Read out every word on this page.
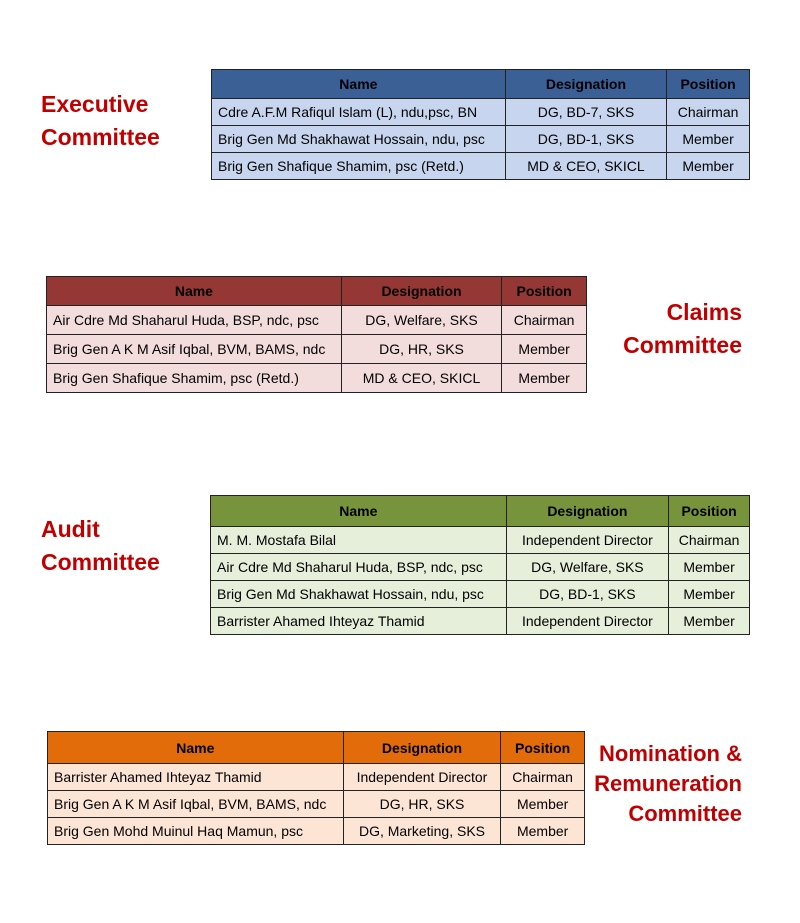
Executive
Committee
Name	Designation	Position
Cdre A.F.M Rafiqul Islam (L), ndu,psc, BN	DG, BD-7, SKS	Chairman
Brig Gen Md Shakhawat Hossain, ndu, psc	DG, BD-1, SKS	Member
Brig Gen Shafique Shamim, psc (Retd.)	MD & CEO, SKICL	Member
Name	Designation	Position
Air Cdre Md Shaharul Huda, BSP, ndc, psc	DG, Welfare, SKS	Chairman
Brig Gen A K M Asif Iqbal, BVM, BAMS, ndc	DG, HR, SKS	Member
Brig Gen Shafique Shamim, psc (Retd.)	MD & CEO, SKICL	Member
Claims
Committee
Audit
Committee
Name	Designation	Position
M. M. Mostafa Bilal	Independent Director	Chairman
Air Cdre Md Shaharul Huda, BSP, ndc, psc	DG, Welfare, SKS	Member
Brig Gen Md Shakhawat Hossain, ndu, psc	DG, BD-1, SKS	Member
Barrister Ahamed Ihteyaz Thamid	Independent Director	Member
Name	Designation	Position
Barrister Ahamed Ihteyaz Thamid	Independent Director	Chairman
Brig Gen A K M Asif Iqbal, BVM, BAMS, ndc	DG, HR, SKS	Member
Brig Gen Mohd Muinul Haq Mamun, psc	DG, Marketing, SKS	Member
Nomination &
Remuneration
Committee
